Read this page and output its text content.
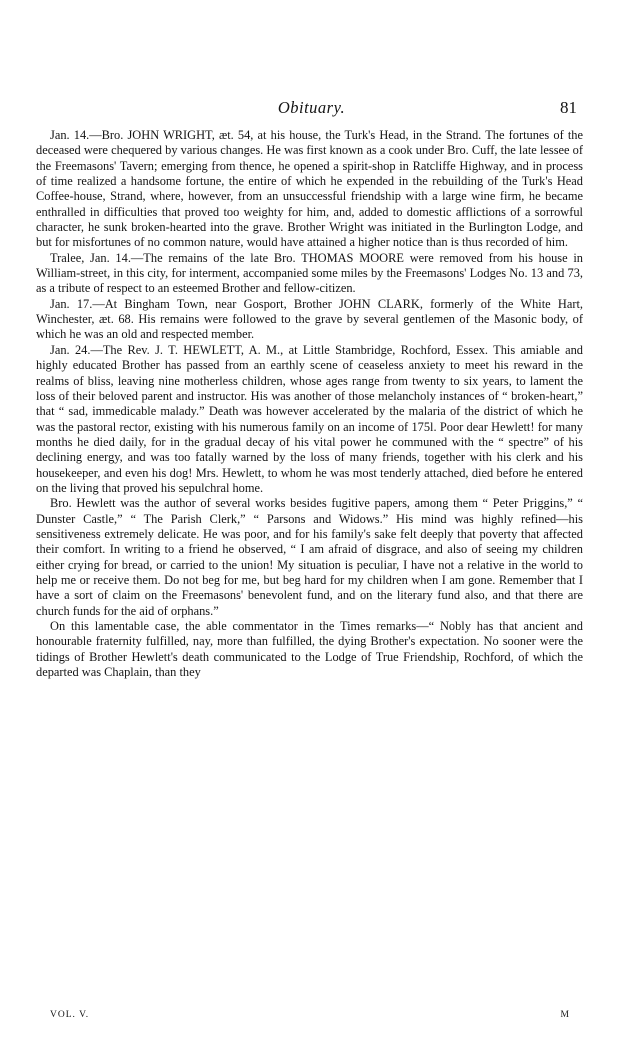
Obituary.	81

Jan. 14.—Bro. JOHN WRIGHT, æt. 54, at his house, the Turk's Head, in the Strand. The fortunes of the deceased were chequered by various changes. He was first known as a cook under Bro. Cuff, the late lessee of the Freemasons' Tavern; emerging from thence, he opened a spirit-shop in Ratcliffe Highway, and in process of time realized a handsome fortune, the entire of which he expended in the rebuilding of the Turk's Head Coffee-house, Strand, where, however, from an unsuccessful friendship with a large wine firm, he became enthralled in difficulties that proved too weighty for him, and, added to domestic afflictions of a sorrowful character, he sunk broken-hearted into the grave. Brother Wright was initiated in the Burlington Lodge, and but for misfortunes of no common nature, would have attained a higher notice than is thus recorded of him.

Tralee, Jan. 14.—The remains of the late Bro. THOMAS MOORE were removed from his house in William-street, in this city, for interment, accompanied some miles by the Freemasons' Lodges No. 13 and 73, as a tribute of respect to an esteemed Brother and fellow-citizen.

Jan. 17.—At Bingham Town, near Gosport, Brother JOHN CLARK, formerly of the White Hart, Winchester, æt. 68. His remains were followed to the grave by several gentlemen of the Masonic body, of which he was an old and respected member.

Jan. 24.—The Rev. J. T. HEWLETT, A. M., at Little Stambridge, Rochford, Essex. This amiable and highly educated Brother has passed from an earthly scene of ceaseless anxiety to meet his reward in the realms of bliss, leaving nine motherless children, whose ages range from twenty to six years, to lament the loss of their beloved parent and instructor. His was another of those melancholy instances of “ broken-heart,” that “ sad, immedicable malady.” Death was however accelerated by the malaria of the district of which he was the pastoral rector, existing with his numerous family on an income of 175l. Poor dear Hewlett! for many months he died daily, for in the gradual decay of his vital power he communed with the “ spectre” of his declining energy, and was too fatally warned by the loss of many friends, together with his clerk and his housekeeper, and even his dog! Mrs. Hewlett, to whom he was most tenderly attached, died before he entered on the living that proved his sepulchral home.

Bro. Hewlett was the author of several works besides fugitive papers, among them “ Peter Priggins,” “ Dunster Castle,” “ The Parish Clerk,” “ Parsons and Widows.” His mind was highly refined—his sensitiveness extremely delicate. He was poor, and for his family's sake felt deeply that poverty that affected their comfort. In writing to a friend he observed, “ I am afraid of disgrace, and also of seeing my children either crying for bread, or carried to the union! My situation is peculiar, I have not a relative in the world to help me or receive them. Do not beg for me, but beg hard for my children when I am gone. Remember that I have a sort of claim on the Freemasons' benevolent fund, and on the literary fund also, and that there are church funds for the aid of orphans.”

On this lamentable case, the able commentator in the Times remarks—“ Nobly has that ancient and honourable fraternity fulfilled, nay, more than fulfilled, the dying Brother's expectation. No sooner were the tidings of Brother Hewlett's death communicated to the Lodge of True Friendship, Rochford, of which the departed was Chaplain, than they

VOL. V.	M
